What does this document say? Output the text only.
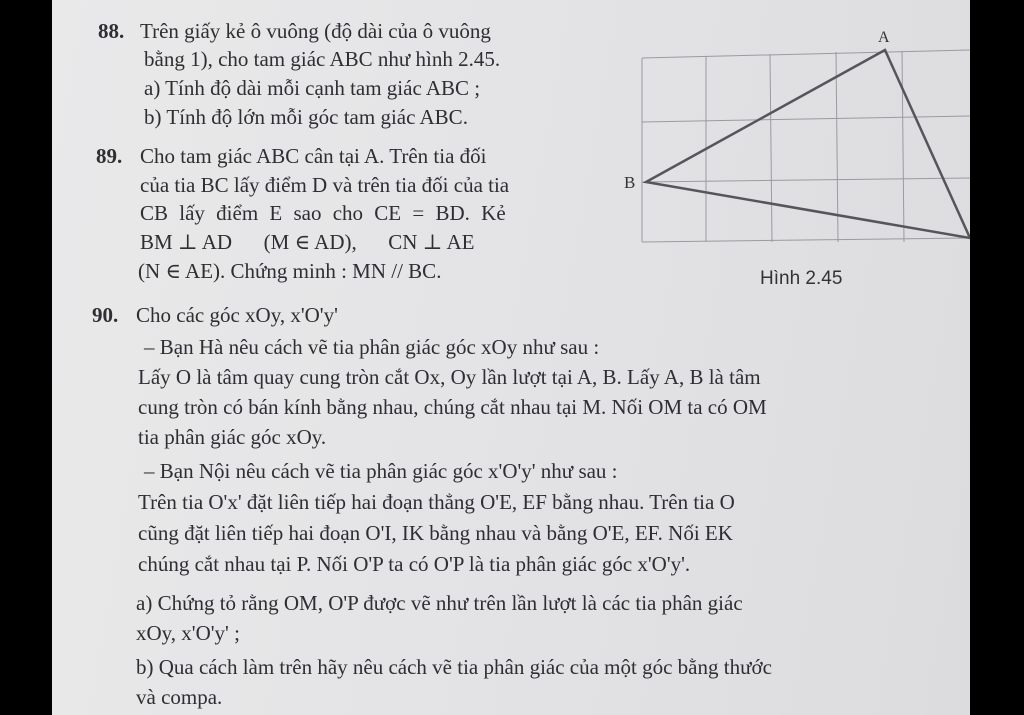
88. Trên giấy kẻ ô vuông (độ dài của ô vuông
bằng 1), cho tam giác ABC như hình 2.45.
a) Tính độ dài mỗi cạnh tam giác ABC ;
b) Tính độ lớn mỗi góc tam giác ABC.
89. Cho tam giác ABC cân tại A. Trên tia đối
của tia BC lấy điểm D và trên tia đối của tia
CB lấy điểm E sao cho CE = BD. Kẻ
BM ⊥ AD      (M ∈ AD),      CN ⊥ AE
(N ∈ AE). Chứng minh : MN // BC.
A
B
Hình 2.45
90. Cho các góc xOy, x'O'y'
– Bạn Hà nêu cách vẽ tia phân giác góc xOy như sau :
Lấy O là tâm quay cung tròn cắt Ox, Oy lần lượt tại A, B. Lấy A, B là tâm
cung tròn có bán kính bằng nhau, chúng cắt nhau tại M. Nối OM ta có OM
tia phân giác góc xOy.
– Bạn Nội nêu cách vẽ tia phân giác góc x'O'y' như sau :
Trên tia O'x' đặt liên tiếp hai đoạn thẳng O'E, EF bằng nhau. Trên tia O
cũng đặt liên tiếp hai đoạn O'I, IK bằng nhau và bằng O'E, EF. Nối EK
chúng cắt nhau tại P. Nối O'P ta có O'P là tia phân giác góc x'O'y'.
a) Chứng tỏ rằng OM, O'P được vẽ như trên lần lượt là các tia phân giác
xOy, x'O'y' ;
b) Qua cách làm trên hãy nêu cách vẽ tia phân giác của một góc bằng thước
và compa.
